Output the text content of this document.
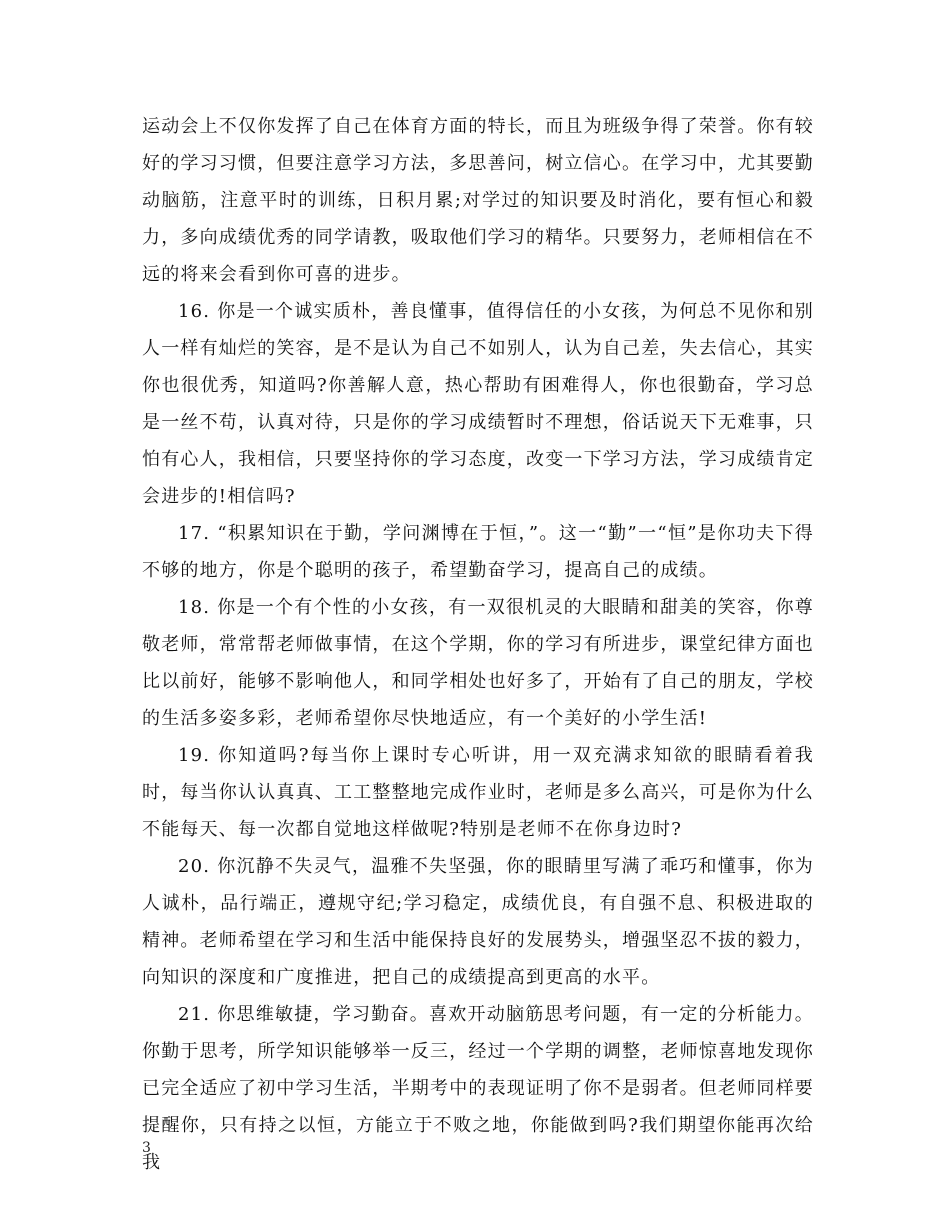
运动会上不仅你发挥了自己在体育方面的特长，而且为班级争得了荣誉。你有较好的学习习惯，但要注意学习方法，多思善问，树立信心。在学习中，尤其要勤动脑筋，注意平时的训练，日积月累;对学过的知识要及时消化，要有恒心和毅力，多向成绩优秀的同学请教，吸取他们学习的精华。只要努力，老师相信在不远的将来会看到你可喜的进步。

16. 你是一个诚实质朴，善良懂事，值得信任的小女孩，为何总不见你和别人一样有灿烂的笑容，是不是认为自己不如别人，认为自己差，失去信心，其实你也很优秀，知道吗?你善解人意，热心帮助有困难得人，你也很勤奋，学习总是一丝不苟，认真对待，只是你的学习成绩暂时不理想，俗话说天下无难事，只怕有心人，我相信，只要坚持你的学习态度，改变一下学习方法，学习成绩肯定会进步的!相信吗?

17. “积累知识在于勤，学问渊博在于恒，”。这一“勤”一“恒”是你功夫下得不够的地方，你是个聪明的孩子，希望勤奋学习，提高自己的成绩。

18. 你是一个有个性的小女孩，有一双很机灵的大眼睛和甜美的笑容，你尊敬老师，常常帮老师做事情，在这个学期，你的学习有所进步，课堂纪律方面也比以前好，能够不影响他人，和同学相处也好多了，开始有了自己的朋友，学校的生活多姿多彩，老师希望你尽快地适应，有一个美好的小学生活!

19. 你知道吗?每当你上课时专心听讲，用一双充满求知欲的眼睛看着我时，每当你认认真真、工工整整地完成作业时，老师是多么高兴，可是你为什么不能每天、每一次都自觉地这样做呢?特别是老师不在你身边时?

20. 你沉静不失灵气，温雅不失坚强，你的眼睛里写满了乖巧和懂事，你为人诚朴，品行端正，遵规守纪;学习稳定，成绩优良，有自强不息、积极进取的精神。老师希望在学习和生活中能保持良好的发展势头，增强坚忍不拔的毅力，向知识的深度和广度推进，把自己的成绩提高到更高的水平。

21. 你思维敏捷，学习勤奋。喜欢开动脑筋思考问题，有一定的分析能力。你勤于思考，所学知识能够举一反三，经过一个学期的调整，老师惊喜地发现你已完全适应了初中学习生活，半期考中的表现证明了你不是弱者。但老师同样要提醒你，只有持之以恒，方能立于不败之地，你能做到吗?我们期望你能再次给我

3
